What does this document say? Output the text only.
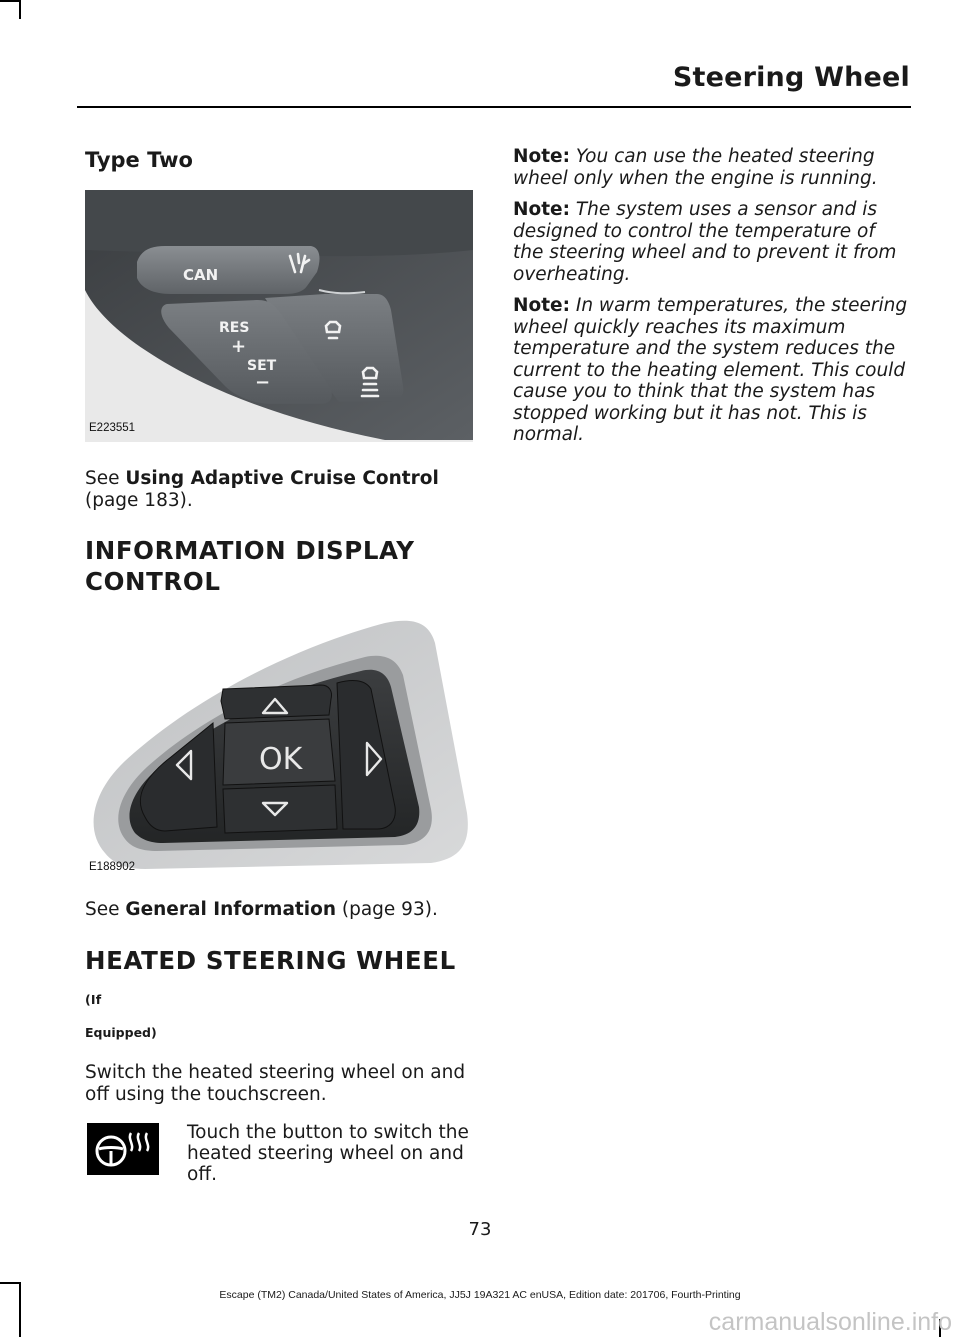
Steering Wheel
Type Two
CAN
RES
+
SET
−
E223551

See Using Adaptive Cruise Control
(page 183).

INFORMATION DISPLAY
CONTROL

OK
E188902

See General Information (page 93).

HEATED STEERING WHEEL (If

Equipped)

Switch the heated steering wheel on and off using the touchscreen.

Touch the button to switch the heated steering wheel on and off.

Note: You can use the heated steering wheel only when the engine is running.

Note: The system uses a sensor and is designed to control the temperature of the steering wheel and to prevent it from overheating.

Note: In warm temperatures, the steering wheel quickly reaches its maximum temperature and the system reduces the current to the heating element. This could cause you to think that the system has stopped working but it has not. This is normal.

73
Escape (TM2) Canada/United States of America, JJ5J 19A321 AC enUSA, Edition date: 201706, Fourth-Printing
carmanualsonline.info
